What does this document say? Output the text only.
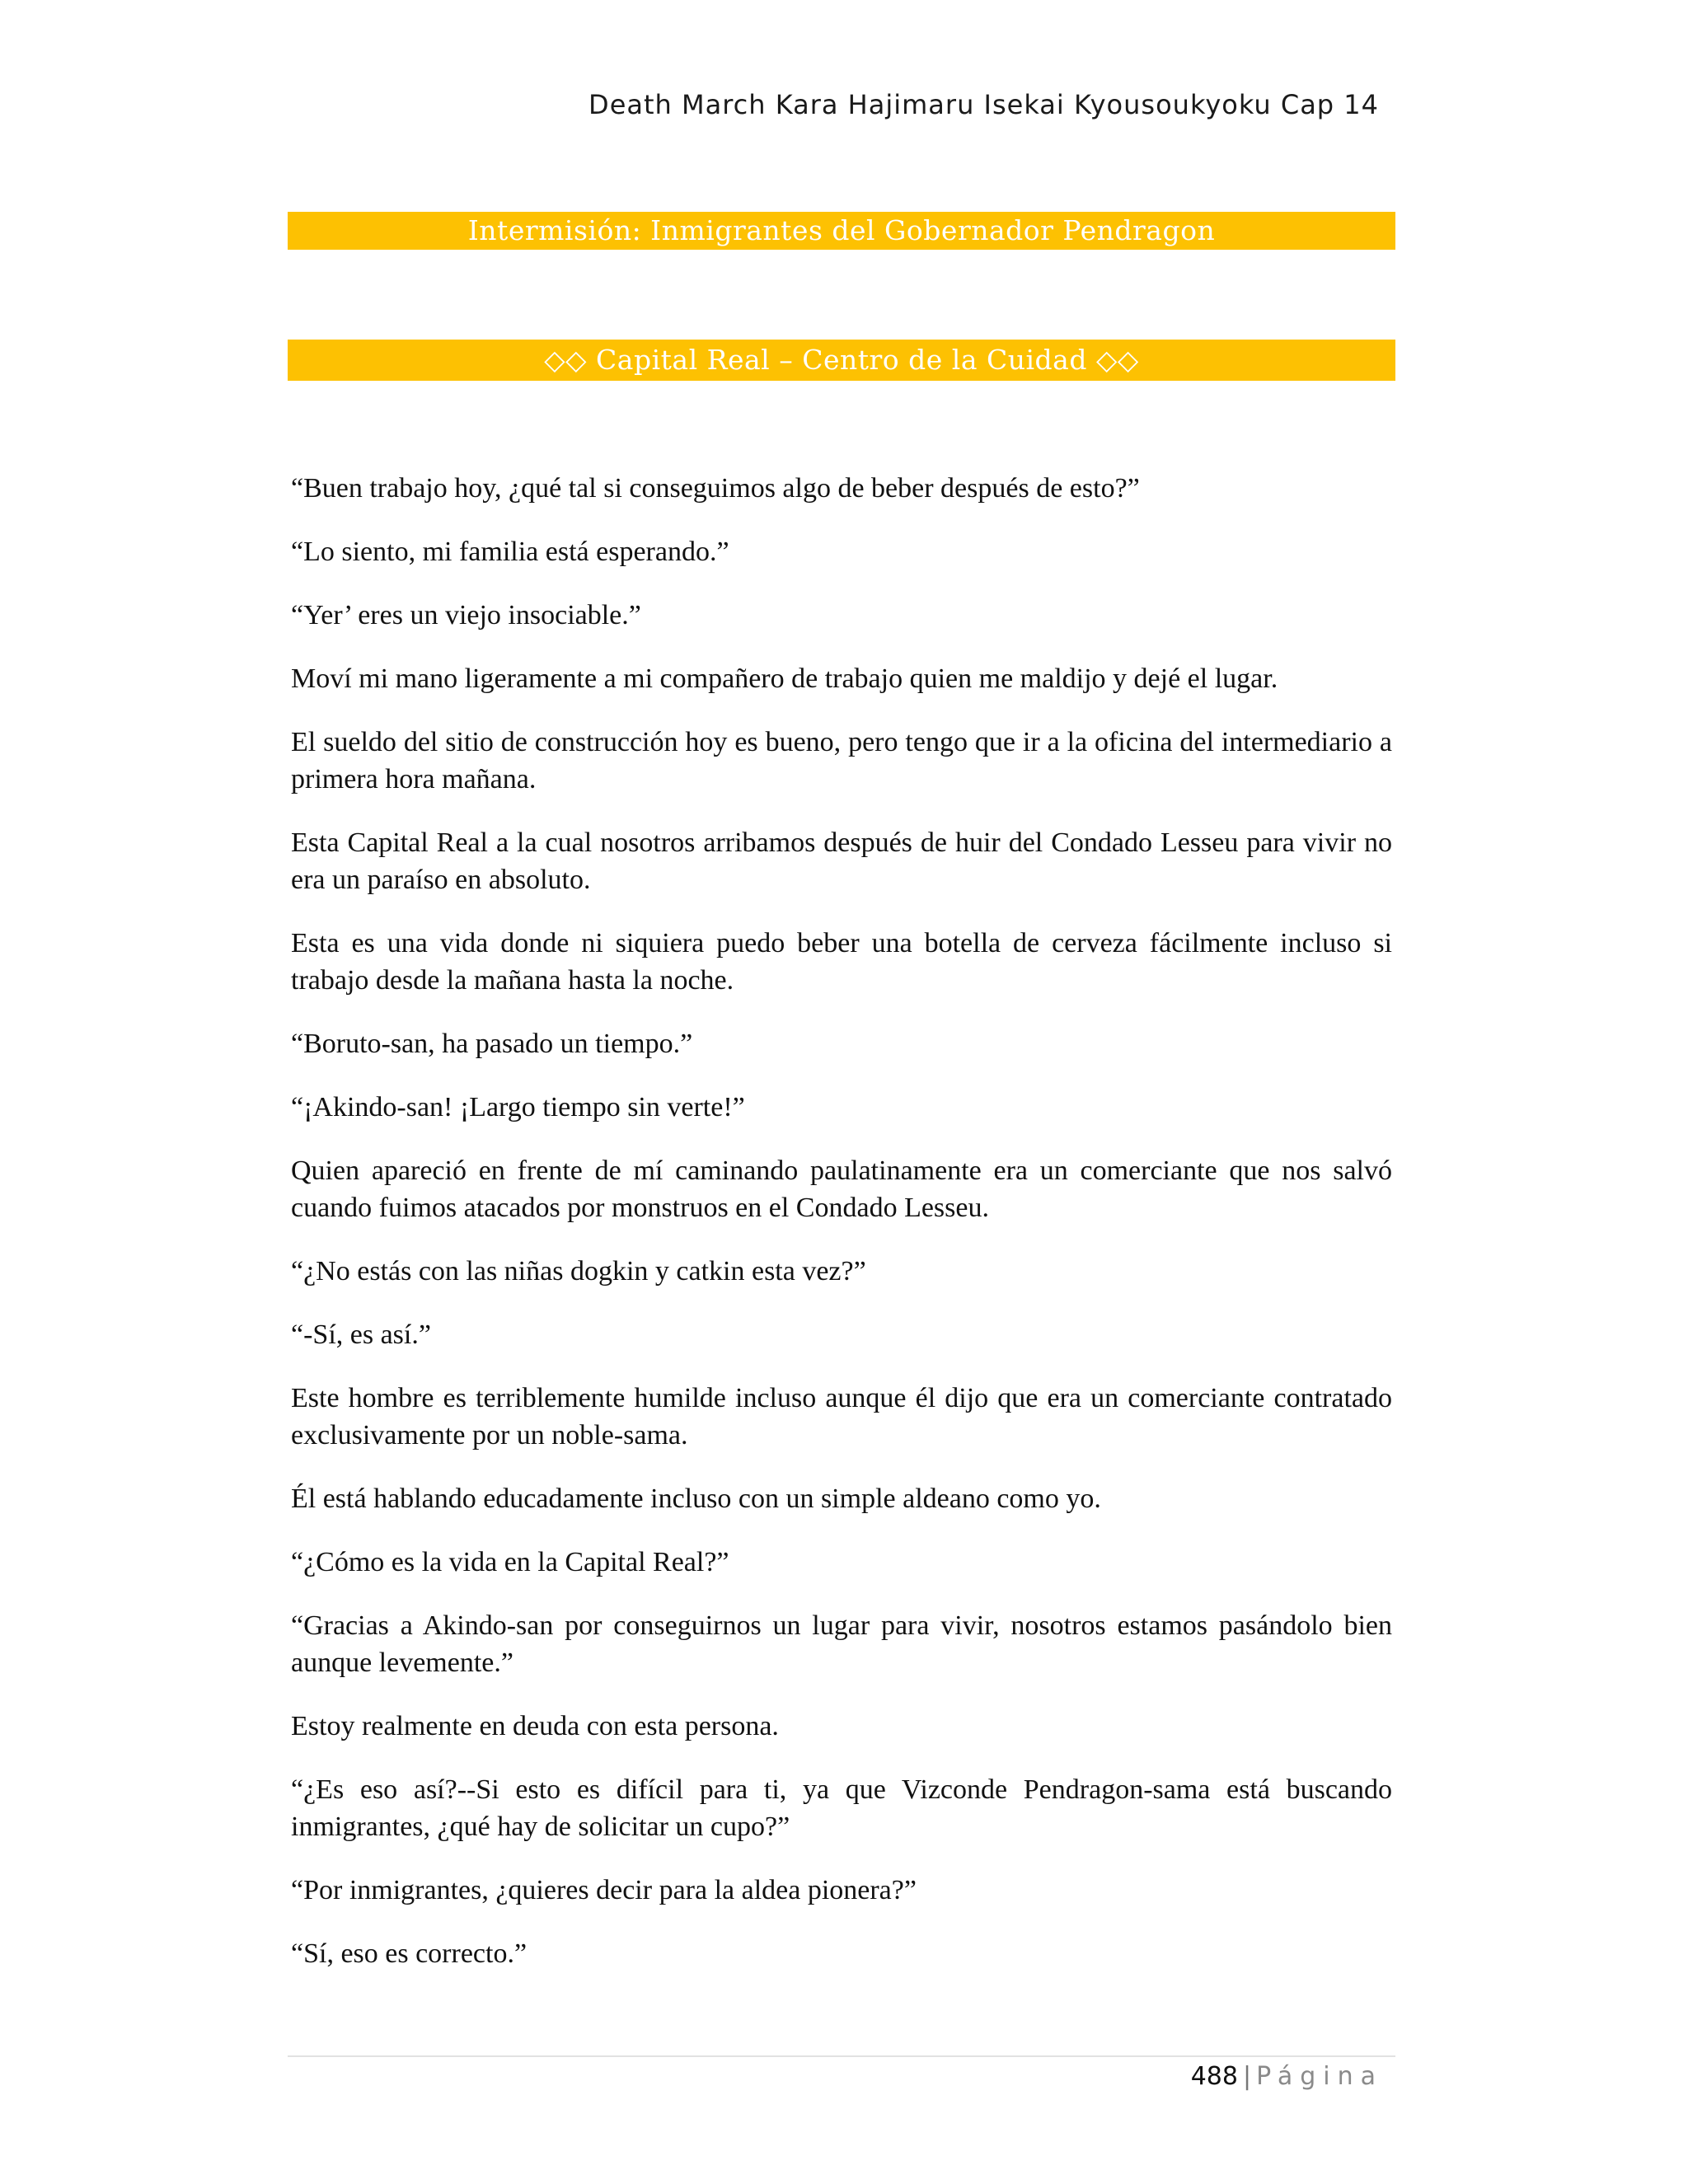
Death March Kara Hajimaru Isekai Kyousoukyoku Cap 14
Intermisión: Inmigrantes del Gobernador Pendragon
◇◇ Capital Real – Centro de la Cuidad ◇◇

“Buen trabajo hoy, ¿qué tal si conseguimos algo de beber después de esto?”

“Lo siento, mi familia está esperando.”

“Yer’ eres un viejo insociable.”

Moví mi mano ligeramente a mi compañero de trabajo quien me maldijo y dejé el lugar.

El sueldo del sitio de construcción hoy es bueno, pero tengo que ir a la oficina del intermediario a primera hora mañana.

Esta Capital Real a la cual nosotros arribamos después de huir del Condado Lesseu para vivir no era un paraíso en absoluto.

Esta es una vida donde ni siquiera puedo beber una botella de cerveza fácilmente incluso si trabajo desde la mañana hasta la noche.

“Boruto-san, ha pasado un tiempo.”

“¡Akindo-san! ¡Largo tiempo sin verte!”

Quien apareció en frente de mí caminando paulatinamente era un comerciante que nos salvó cuando fuimos atacados por monstruos en el Condado Lesseu.

“¿No estás con las niñas dogkin y catkin esta vez?”

“-Sí, es así.”

Este hombre es terriblemente humilde incluso aunque él dijo que era un comerciante contratado exclusivamente por un noble-sama.

Él está hablando educadamente incluso con un simple aldeano como yo.

“¿Cómo es la vida en la Capital Real?”

“Gracias a Akindo-san por conseguirnos un lugar para vivir, nosotros estamos pasándolo bien aunque levemente.”

Estoy realmente en deuda con esta persona.

“¿Es eso así?--Si esto es difícil para ti, ya que Vizconde Pendragon-sama está buscando inmigrantes, ¿qué hay de solicitar un cupo?”

“Por inmigrantes, ¿quieres decir para la aldea pionera?”

“Sí, eso es correcto.”

488 | Página
